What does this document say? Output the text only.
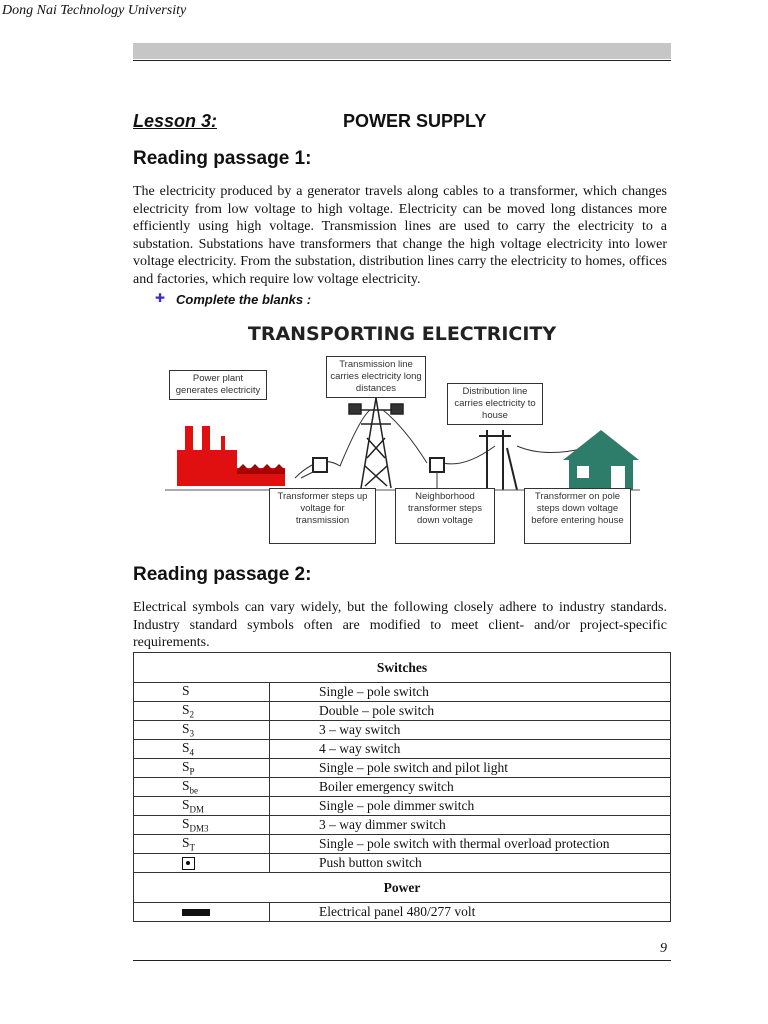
Dong Nai Technology University
Lesson 3:	POWER SUPPLY
Reading passage 1:
The electricity produced by a generator travels along cables to a transformer, which changes electricity from low voltage to high voltage. Electricity can be moved long distances more efficiently using high voltage. Transmission lines are used to carry the electricity to a substation. Substations have transformers that change the high voltage electricity into lower voltage electricity. From the substation, distribution lines carry the electricity to homes, offices and factories, which require low voltage electricity.
✚ Complete the blanks :
TRANSPORTING ELECTRICITY
Power plant generates electricity
Transmission line carries electricity long distances	Distribution line carries electricity to house
Transformer steps up voltage for transmission
Neighborhood transformer steps down voltage
Transformer on pole steps down voltage before entering house
Reading passage 2:
Electrical symbols can vary widely, but the following closely adhere to industry standards. Industry standard symbols often are modified to meet client- and/or project-specific requirements.
Switches	
S	Single – pole switch
$S_2$	Double – pole switch
$S_3$	3 – way switch
$S_4$	4 – way switch
$S_P$	Single – pole switch and pilot light
$S_{be}$	Boiler emergency switch
$S_{DM}$	Single – pole dimmer switch
$S_{DM3}$	3 – way dimmer switch
$S_T$	Single – pole switch with thermal overload protection
	Push button switch
Power	
	Electrical panel 480/277 volt
9
